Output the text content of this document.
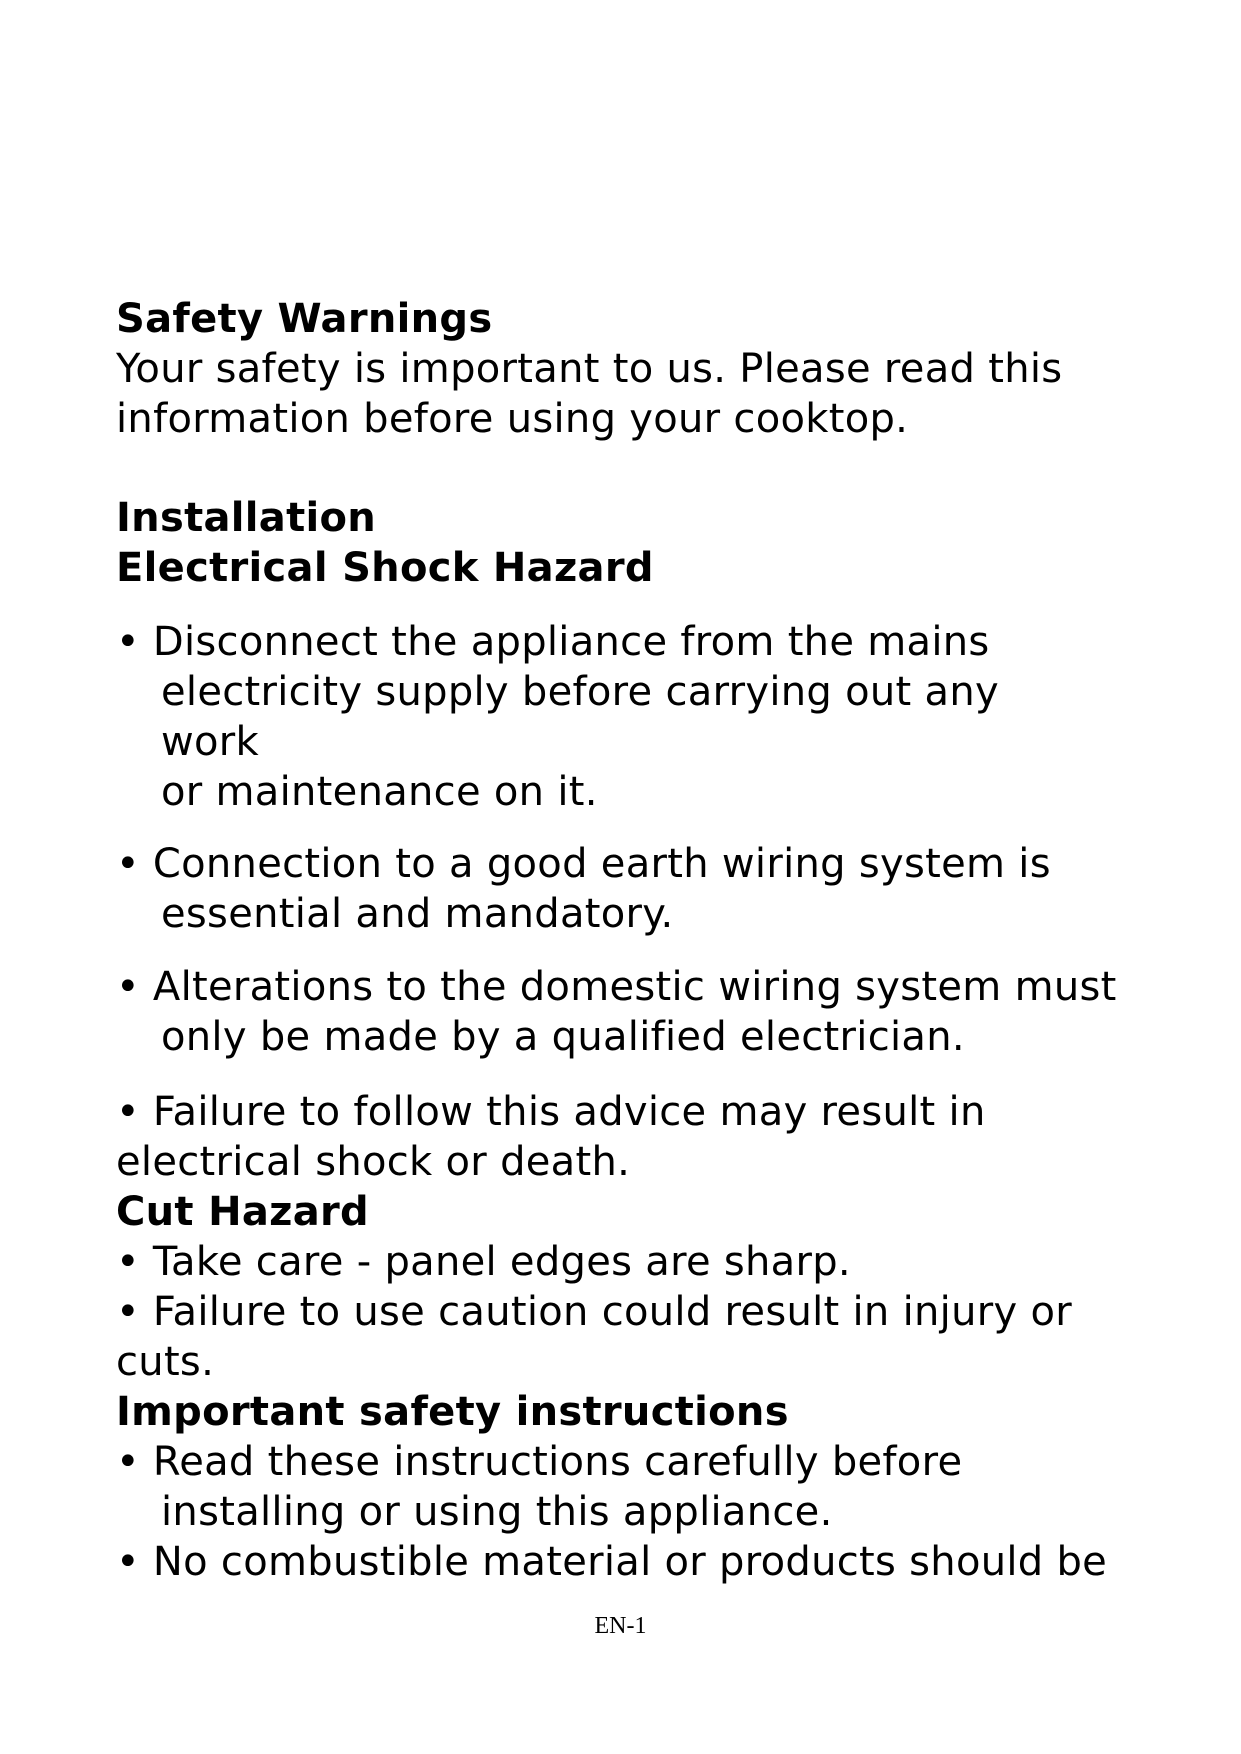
Safety Warnings
Your safety is important to us. Please read this
information before using your cooktop.
Installation
Electrical Shock Hazard
• Disconnect the appliance from the mains
electricity supply before carrying out any
work
or maintenance on it.
• Connection to a good earth wiring system is
essential and mandatory.
• Alterations to the domestic wiring system must
only be made by a qualified electrician.
• Failure to follow this advice may result in
electrical shock or death.
Cut Hazard
• Take care - panel edges are sharp.
• Failure to use caution could result in injury or
cuts.
Important safety instructions
• Read these instructions carefully before
installing or using this appliance.
• No combustible material or products should be
EN-1
